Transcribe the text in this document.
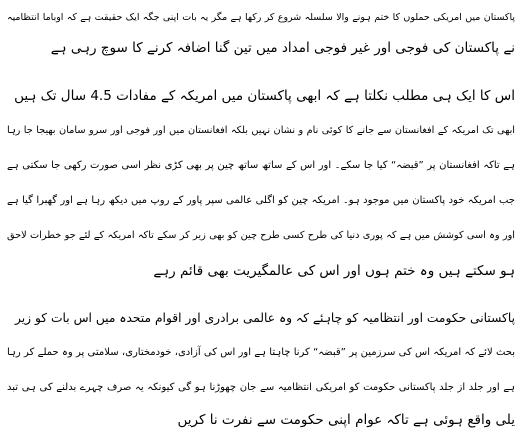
پاکستان میں امریکی حملوں کا ختم ہونے والا سلسلہ شروع کر رکھا ہے مگر یہ بات اپنی جگہ ایک حقیقت ہے کہ اوباما انتظامیہ
نے پاکستان کی فوجی اور غیر فوجی امداد میں تین گنا اضافہ کرنے کا سوچ رہی ہے
اس کا ایک ہی مطلب نکلتا ہے کہ ابھی پاکستان میں امریکہ کے مفادات 4.5 سال تک ہیں
ابھی تک امریکہ کے افغانستان سے جانے کا کوئی نام و نشان نہیں بلکہ افغانستان میں اور فوجی اور سرو سامان بھیجا جا رہا
ہے تاکہ افغانستان پر ”قبضہ“ کیا جا سکے۔ اور اس کے ساتھ ساتھ چین پر بھی کڑی نظر اسی صورت رکھی جا سکتی ہے
جب امریکہ خود پاکستان میں موجود ہو۔ امریکہ چین کو اگلی عالمی سپر پاور کے روپ میں دیکھ رہا ہے اور گھبرا گیا ہے
اور وہ اسی کوشش میں ہے کہ پوری دنیا کی طرح کسی طرح چین کو بھی زیر کر سکے تاکہ امریکہ کے لئے جو خطرات لاحق
ہو سکتے ہیں وہ ختم ہوں اور اس کی عالمگیریت بھی قائم رہے
پاکستانی حکومت اور انتظامیہ کو چاہئے کہ وہ عالمی برادری اور اقوام متحدہ میں اس بات کو زیر
بحث لائے کہ امریکہ اس کی سرزمین پر ”قبضہ“ کرنا چاہتا ہے اور اس کی آزادی، خودمختاری، سلامتی پر وہ حملے کر رہا
ہے اور جلد از جلد پاکستانی حکومت کو امریکی انتظامیہ سے جان چھوڑنا ہو گی کیونکہ یہ صرف چہرے بدلنے کی ہی تبد
یلی واقع ہوئی ہے تاکہ عوام اپنی حکومت سے نفرت نا کریں
